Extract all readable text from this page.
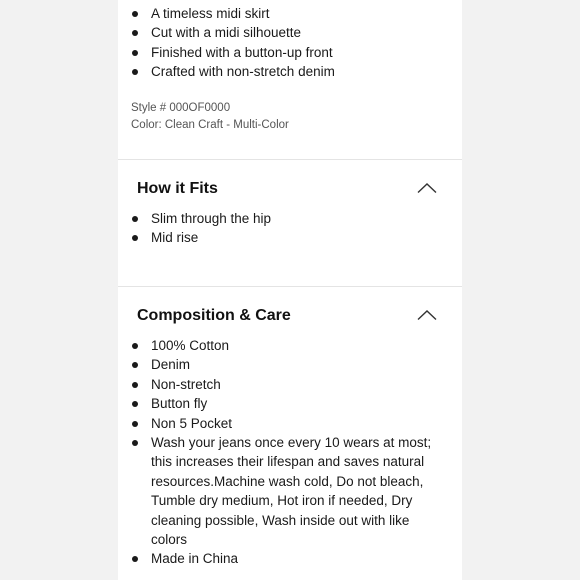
A timeless midi skirt
Cut with a midi silhouette
Finished with a button-up front
Crafted with non-stretch denim
Style # 000OF0000
Color: Clean Craft - Multi-Color
How it Fits
Slim through the hip
Mid rise
Composition & Care
100% Cotton
Denim
Non-stretch
Button fly
Non 5 Pocket
Wash your jeans once every 10 wears at most; this increases their lifespan and saves natural resources.Machine wash cold, Do not bleach, Tumble dry medium, Hot iron if needed, Dry cleaning possible, Wash inside out with like colors
Made in China
